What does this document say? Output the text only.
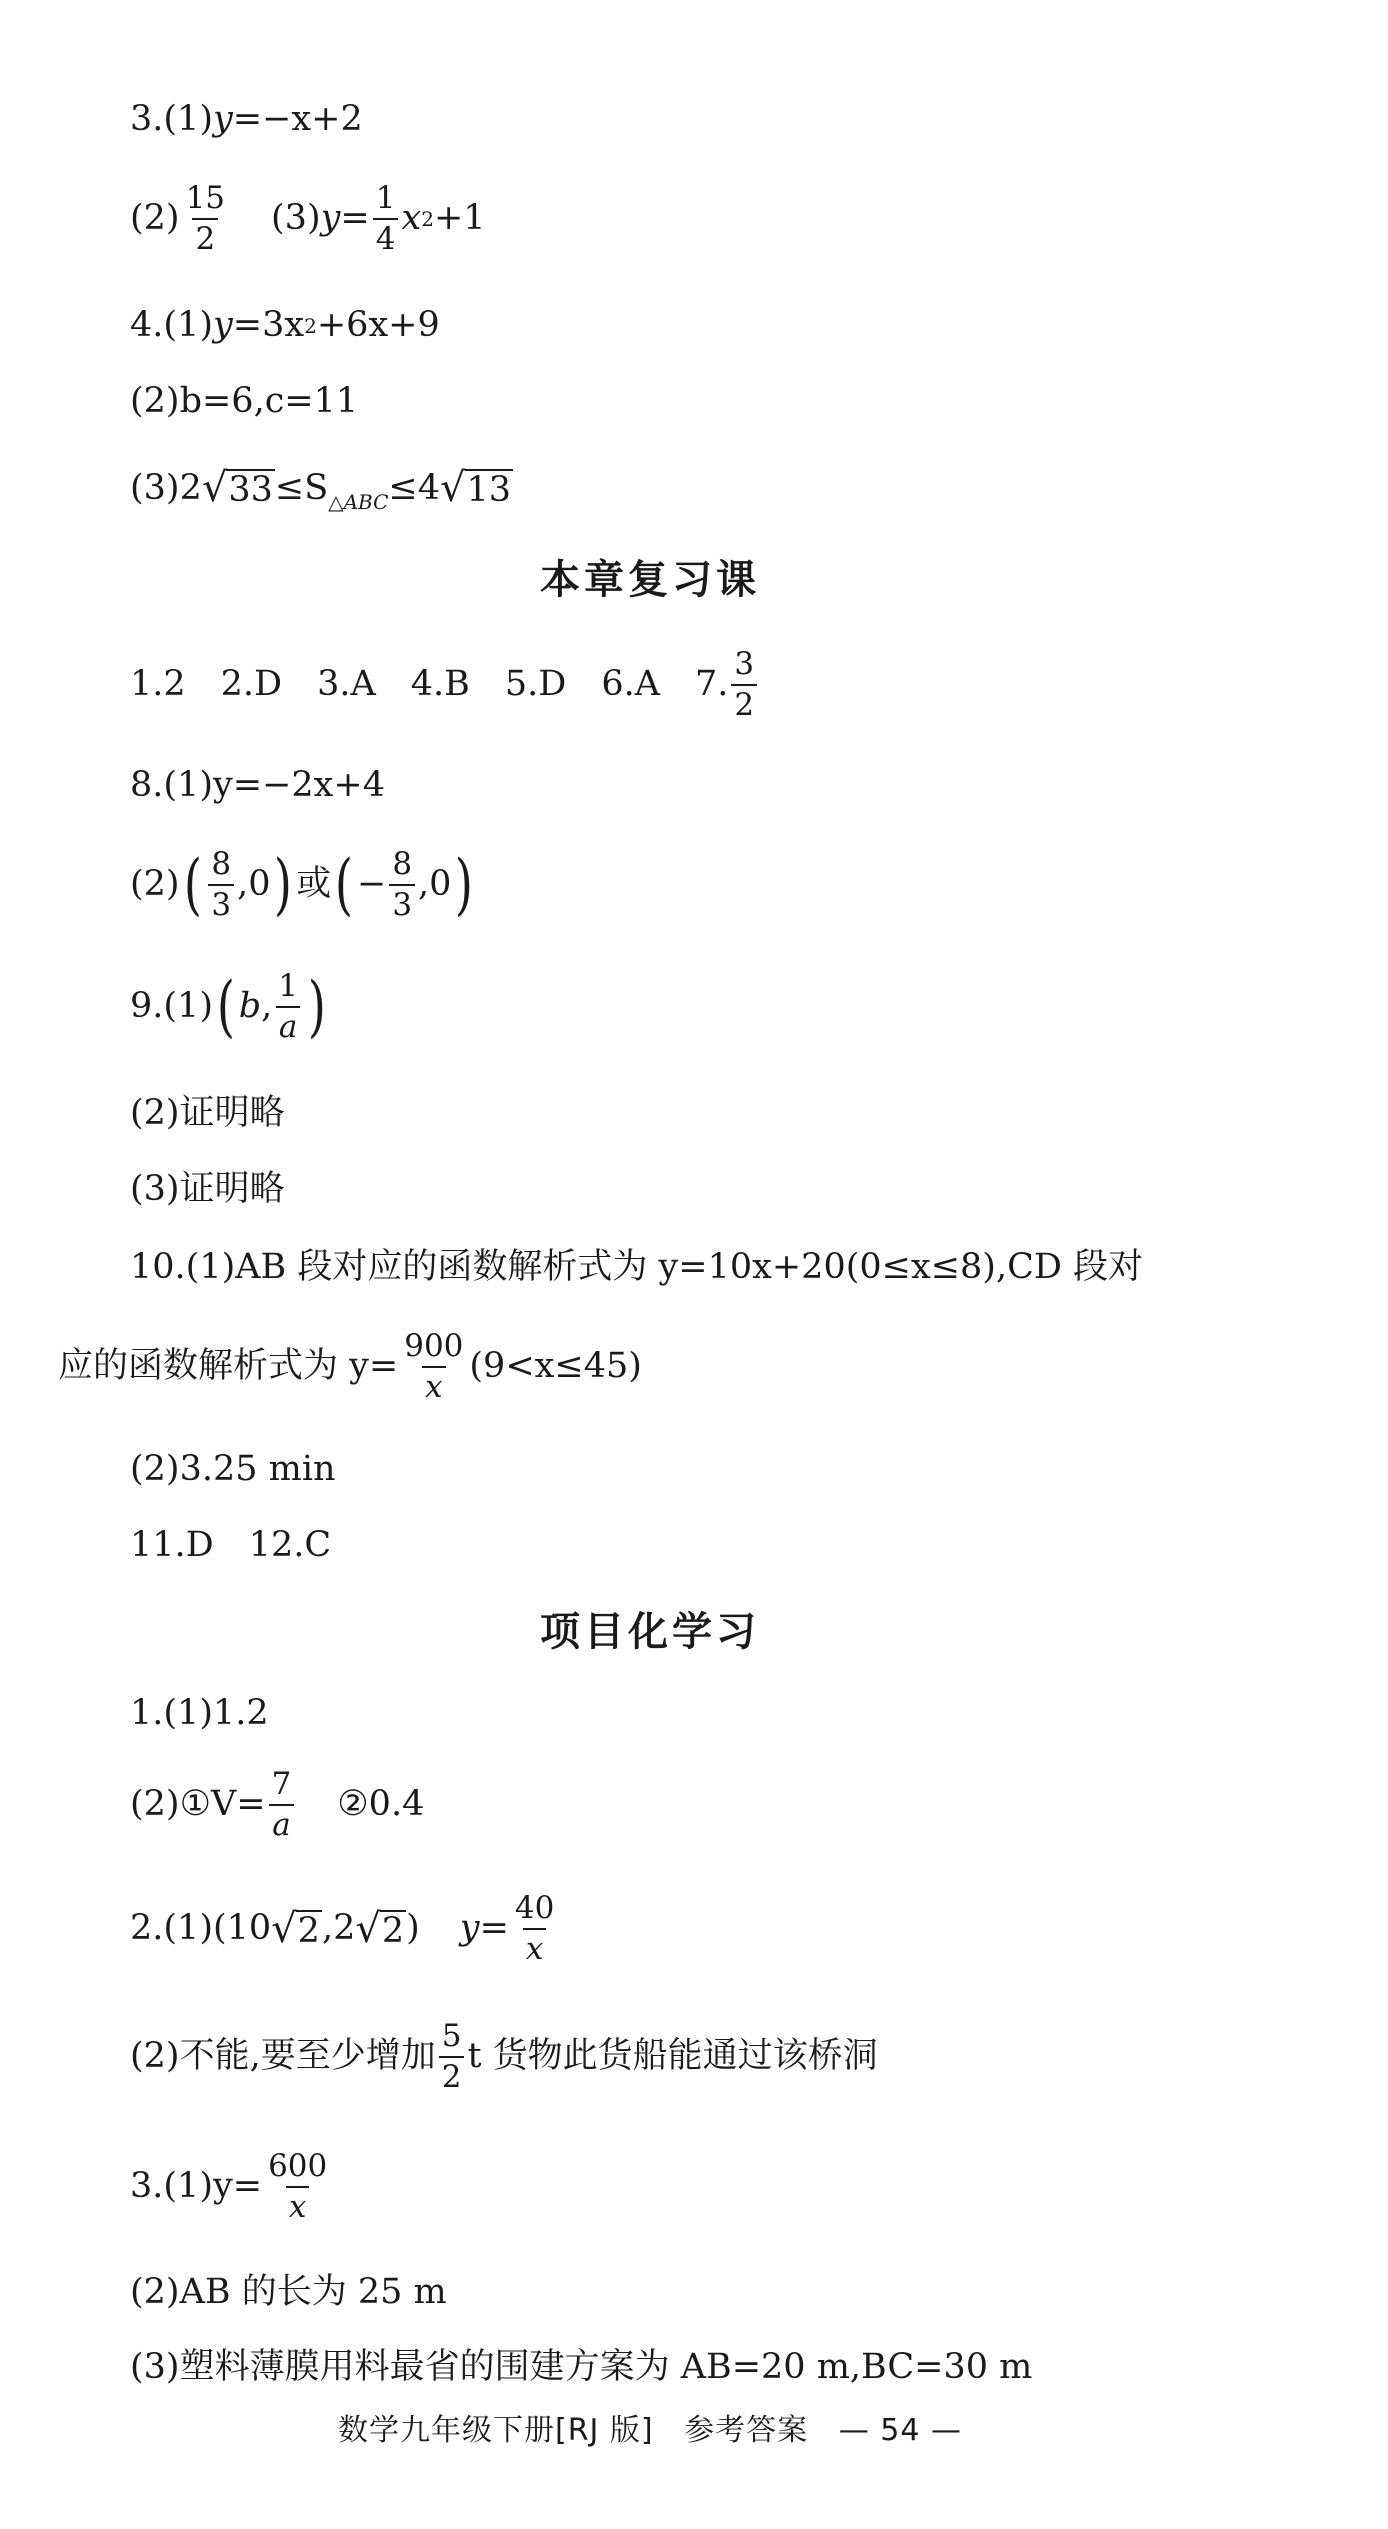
3.(1) y =−x+2
$(2) \frac{15}{2} (3) y = \frac{1}{4}$ x 2 +1
4.(1) y =3x 2 +6x+9
(2)b=6,c=11
(3)2 √ 33 ≤S △ABC ≤4 √ 13
本章复习课
1.2　2.D　3.A　4.B　5.D　6.A　7. $\frac{3}{2}$
8.(1)y=−2x+4
(2) ( $\frac{8}{3} ,0$ ) 或 ( − $\frac{8}{3} ,0$ )
9.(1) ( b , $\frac{1}{a}$ )
(2)证明略
(3)证明略
10.(1)AB 段对应的函数解析式为 y=10x+20(0≤x≤8),CD 段对
应的函数解析式为 $y= \frac{900}{x} (9<x\le 45)$
(2)3.25 min
11.D　12.C
项目化学习
1.(1)1.2
(2)①V= $\frac{7}{a}$ ②0.4
2.(1)(10 √ 2 ,2 √ 2 ) $y = \frac{40}{x}$
(2)不能,要至少增加 $\frac{5}{2}$ t 货物此货船能通过该桥洞
$3.(1)y= \frac{600}{x}$
(2)AB 的长为 25 m
(3)塑料薄膜用料最省的围建方案为 AB=20 m,BC=30 m
数学九年级下册[RJ 版] 参考答案 — 54 —
